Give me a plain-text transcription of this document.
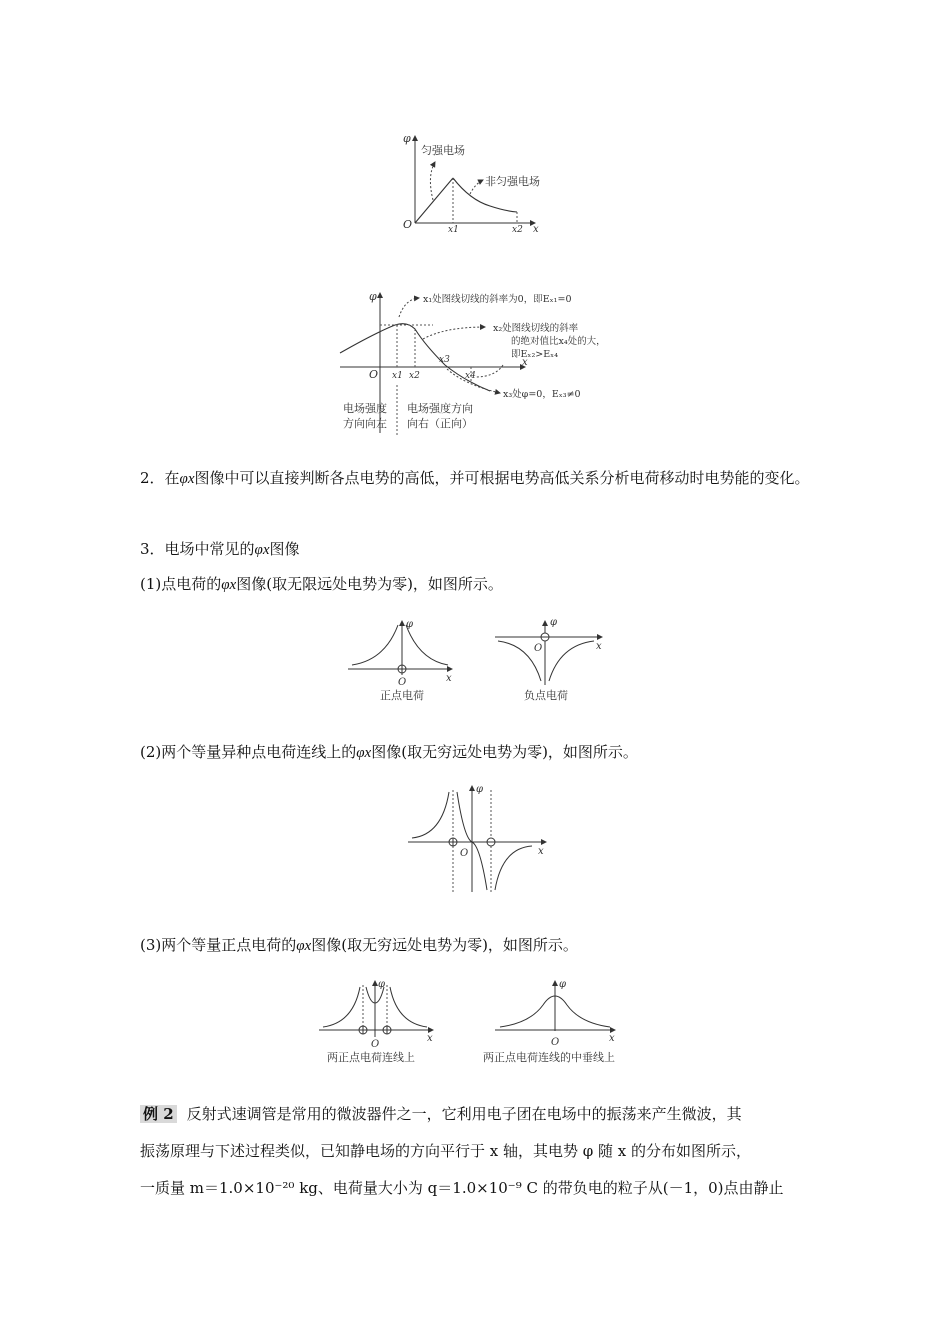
φ
O	x
x1	x2
匀强电场
非匀强电场
φ
O
x
x1 x2
x3
x4
x₁处图线切线的斜率为0，即Eₓ₁=0
x₂处图线切线的斜率
的绝对值比x₄处的大，
即Eₓ₂>Eₓ₄
x₃处φ=0，Eₓ₃≠0
电场强度
方向向左
电场强度方向
向右（正向）

2．在φx图像中可以直接判断各点电势的高低，并可根据电势高低关系分析电荷移动时电势能的变化。

3．电场中常见的φx图像

(1)点电荷的φx图像(取无限远处电势为零)，如图所示。

φ
O	x
正点电荷
φ
O	x
负点电荷

(2)两个等量异种点电荷连线上的φx图像(取无穷远处电势为零)，如图所示。

φ
O	x

(3)两个等量正点电荷的φx图像(取无穷远处电势为零)，如图所示。

φ
O
x
两正点电荷连线上
φ
O	x
两正点电荷连线的中垂线上
例 2 反射式速调管是常用的微波器件之一，它利用电子团在电场中的振荡来产生微波，其
振荡原理与下述过程类似，已知静电场的方向平行于 x 轴，其电势 φ 随 x 的分布如图所示，
一质量 m＝1.0×10⁻²⁰ kg、电荷量大小为 q＝1.0×10⁻⁹ C 的带负电的粒子从(－1，0)点由静止
